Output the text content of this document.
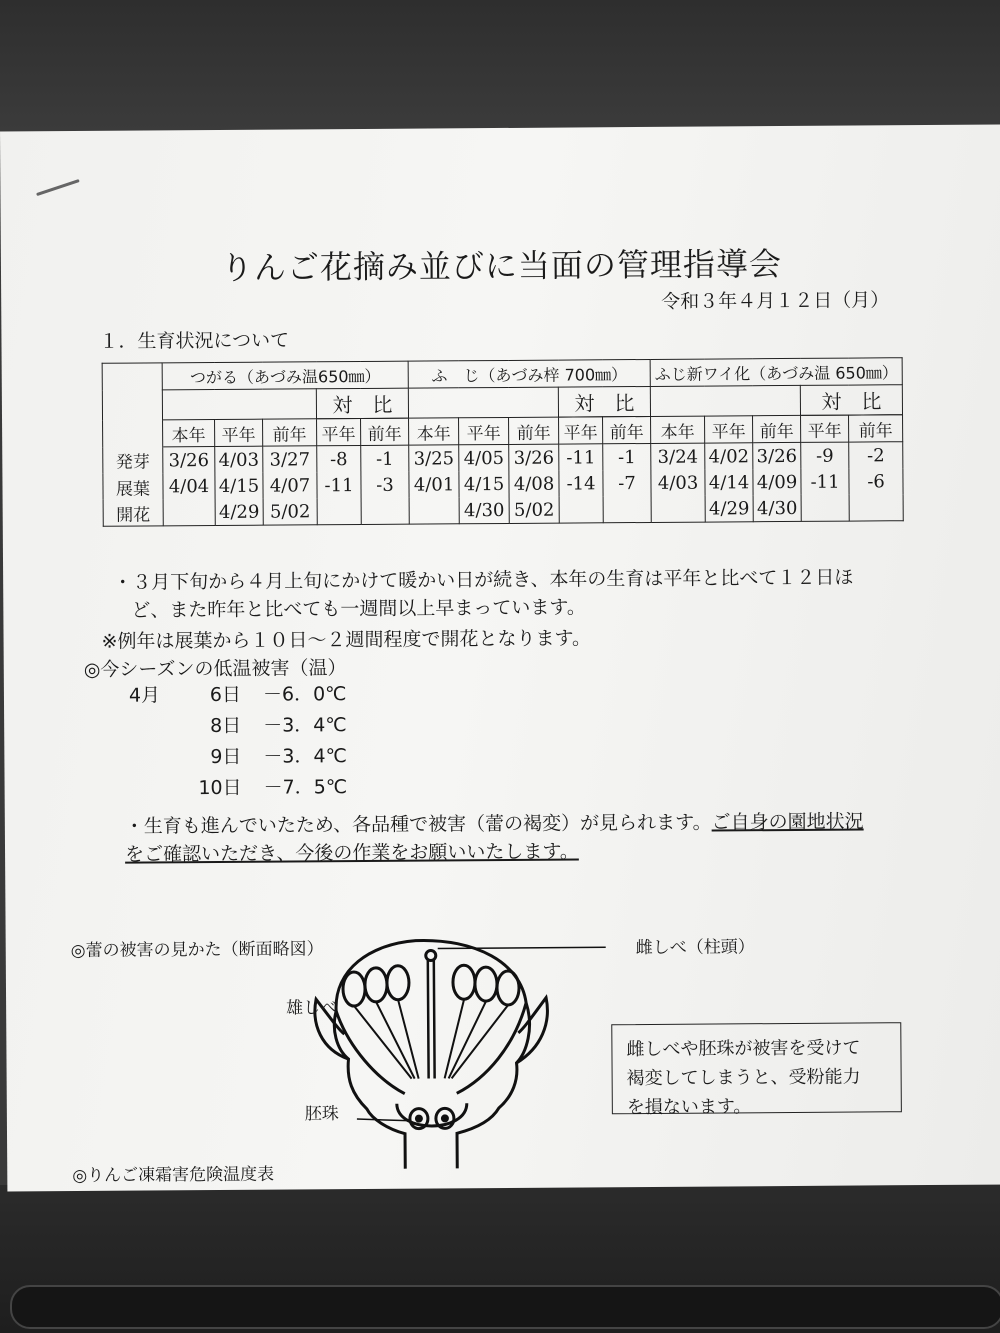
りんご花摘み並びに当面の管理指導会
令和３年４月１２日（月）
１．生育状況について
	つがる（あづみ温650㎜）					ふ　じ（あづみ梓 700㎜）					ふじ新ワイ化（あづみ温 650㎜）				
				対　比					対　比					対　比	

	本年	平年	前年	平年	前年	本年	平年	前年	平年	前年	本年	平年	前年	平年	前年
発芽	3/26	4/03	3/27	-8	-1	3/25	4/05	3/26	-11	-1	3/24	4/02	3/26	-9	-2
展葉	4/04	4/15	4/07	-11	-3	4/01	4/15	4/08	-14	-7	4/03	4/14	4/09	-11	-6
開花		4/29	5/02				4/30	5/02				4/29	4/30		
・３月下旬から４月上旬にかけて暖かい日が続き、本年の生育は平年と比べて１２日ほ
ど、また昨年と比べても一週間以上早まっています。
※例年は展葉から１０日～２週間程度で開花となります。
◎今シーズンの低温被害（温）
4月	6日 －6．0℃
8日 －3．4℃
9日 －3．4℃
10日 －7．5℃
・生育も進んでいたため、各品種で被害（蕾の褐変）が見られます。ご自身の園地状況
をご確認いただき、今後の作業をお願いいたします。
◎蕾の被害の見かた（断面略図）	雌しべ（柱頭）
雄しべ
胚珠
雌しべや胚珠が被害を受けて
褐変してしまうと、受粉能力
を損ないます。
◎りんご凍霜害危険温度表
